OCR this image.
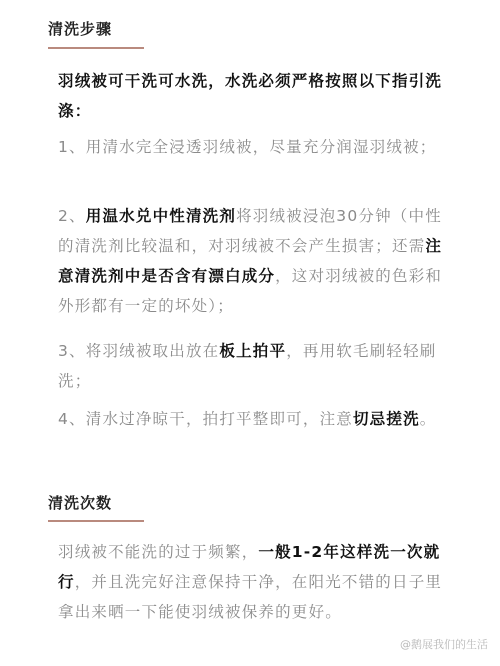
清洗步骤

羽绒被可干洗可水洗，水洗必须严格按照以下指引洗涤：

1、用清水完全浸透羽绒被，尽量充分润湿羽绒被；

2、用温水兑中性清洗剂将羽绒被浸泡30分钟（中性的清洗剂比较温和，对羽绒被不会产生损害；还需注意清洗剂中是否含有漂白成分，这对羽绒被的色彩和外形都有一定的坏处）；

3、将羽绒被取出放在板上拍平，再用软毛刷轻轻刷洗；

4、清水过净晾干，拍打平整即可，注意切忌搓洗。

清洗次数

羽绒被不能洗的过于频繁，一般1-2年这样洗一次就行，并且洗完好注意保持干净，在阳光不错的日子里拿出来晒一下能使羽绒被保养的更好。

@鹅展我们的生活
